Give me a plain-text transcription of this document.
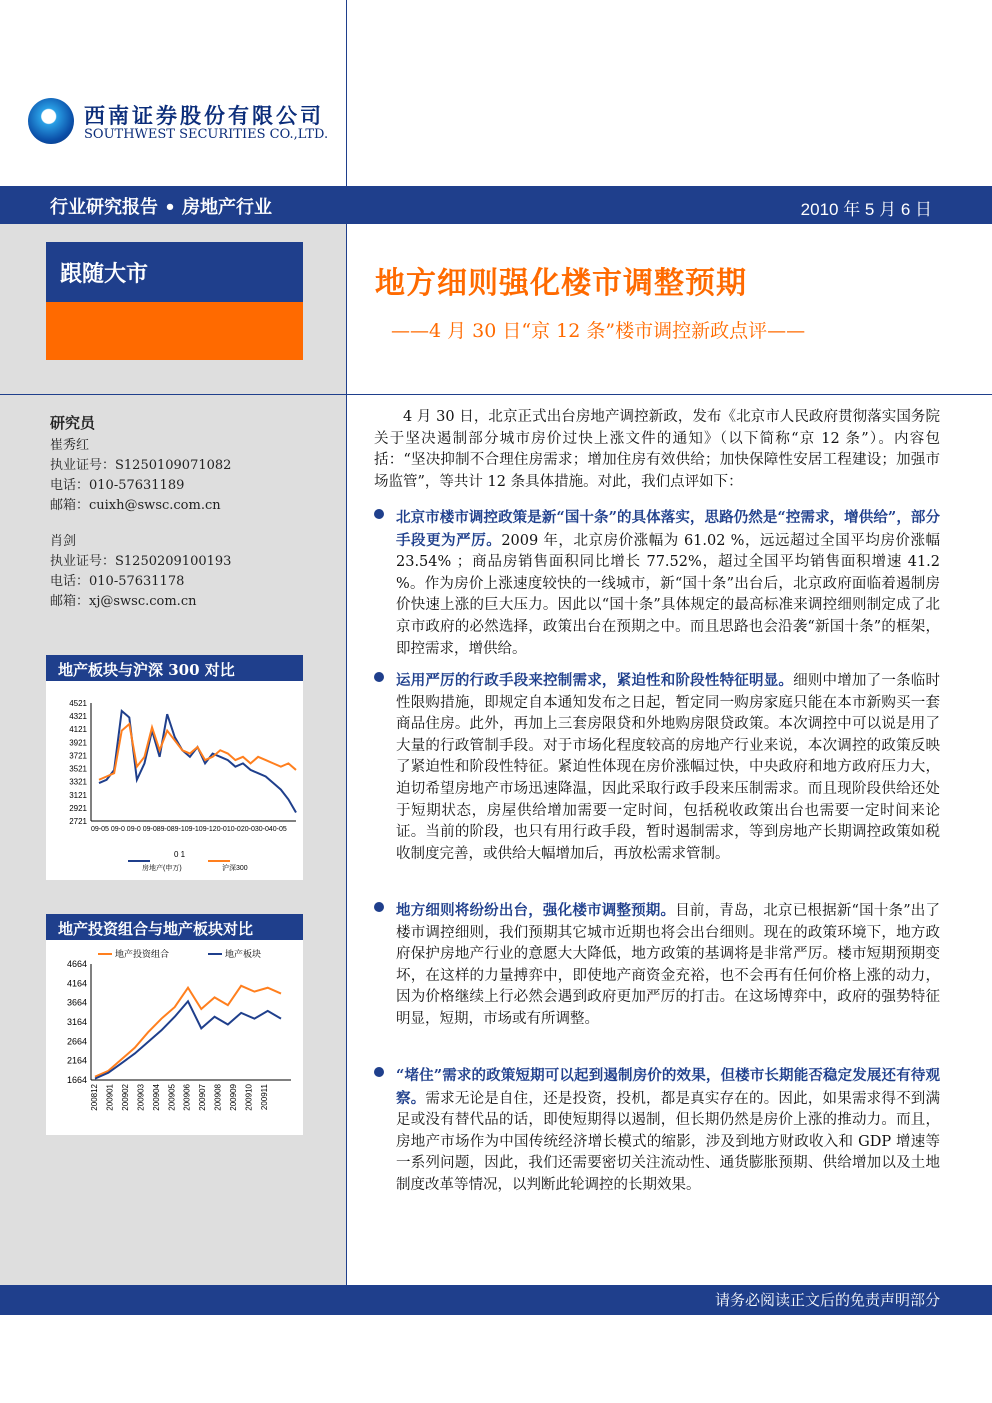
西南证券股份有限公司
SOUTHWEST SECURITIES CO.,LTD.
行业研究报告 • 房地产行业	2010 年 5 月 6 日
跟随大市	地方细则强化楼市调整预期
——4 月 30 日“京 12 条”楼市调控新政点评——
研究员
崔秀红
执业证号：S1250109071082
电话：010-57631189
邮箱：cuixh@swsc.com.cn
肖剑
执业证号：S1250209100193
电话：010-57631178
邮箱：xj@swsc.com.cn
地产板块与沪深 300 对比
4521
4321
4121
3921
3721
3521
3321
3121
2921
2721
09-05 09-0 09-0 09-089-089-109-109-120-010-020-030-040-05
0 1
房地产(申万)	沪深300
地产投资组合与地产板块对比
4664
4164
3664
3164
2664
2164
1664
200812 200901 200902 200903 200904 200905 200906 200907 200908 200909 200910 200911
地产投资组合	地产板块

4 月 30 日，北京正式出台房地产调控新政，发布《北京市人民政府贯彻落实国务院关于坚决遏制部分城市房价过快上涨文件的通知》（以下简称“京 12 条”）。内容包括：“坚决抑制不合理住房需求；增加住房有效供给；加快保障性安居工程建设；加强市场监管”，等共计 12 条具体措施。对此，我们点评如下：

北京市楼市调控政策是新“国十条”的具体落实，思路仍然是“控需求，增供给”，部分手段更为严厉。2009 年，北京房价涨幅为 61.02 %，远远超过全国平均房价涨幅 23.54% ；商品房销售面积同比增长 77.52%，超过全国平均销售面积增速 41.2 %。作为房价上涨速度较快的一线城市，新“国十条”出台后，北京政府面临着遏制房价快速上涨的巨大压力。因此以“国十条”具体规定的最高标准来调控细则制定成了北京市政府的必然选择，政策出台在预期之中。而且思路也会沿袭“新国十条”的框架，即控需求，增供给。

运用严厉的行政手段来控制需求，紧迫性和阶段性特征明显。细则中增加了一条临时性限购措施，即规定自本通知发布之日起，暂定同一购房家庭只能在本市新购买一套商品住房。此外，再加上三套房限贷和外地购房限贷政策。本次调控中可以说是用了大量的行政管制手段。对于市场化程度较高的房地产行业来说，本次调控的政策反映了紧迫性和阶段性特征。紧迫性体现在房价涨幅过快，中央政府和地方政府压力大，迫切希望房地产市场迅速降温，因此采取行政手段来压制需求。而且现阶段供给还处于短期状态，房屋供给增加需要一定时间，包括税收政策出台也需要一定时间来论证。当前的阶段，也只有用行政手段，暂时遏制需求，等到房地产长期调控政策如税收制度完善，或供给大幅增加后，再放松需求管制。

地方细则将纷纷出台，强化楼市调整预期。目前，青岛，北京已根据新“国十条”出了楼市调控细则，我们预期其它城市近期也将会出台细则。现在的政策环境下，地方政府保护房地产行业的意愿大大降低，地方政策的基调将是非常严厉。楼市短期预期变坏，在这样的力量搏弈中，即使地产商资金充裕，也不会再有任何价格上涨的动力，因为价格继续上行必然会遇到政府更加严厉的打击。在这场博弈中，政府的强势特征明显，短期，市场或有所调整。

“堵住”需求的政策短期可以起到遏制房价的效果，但楼市长期能否稳定发展还有待观察。需求无论是自住，还是投资，投机，都是真实存在的。因此，如果需求得不到满足或没有替代品的话，即使短期得以遏制，但长期仍然是房价上涨的推动力。而且，房地产市场作为中国传统经济增长模式的缩影，涉及到地方财政收入和 GDP 增速等一系列问题，因此，我们还需要密切关注流动性、通货膨胀预期、供给增加以及土地制度改革等情况，以判断此轮调控的长期效果。

请务必阅读正文后的免责声明部分
